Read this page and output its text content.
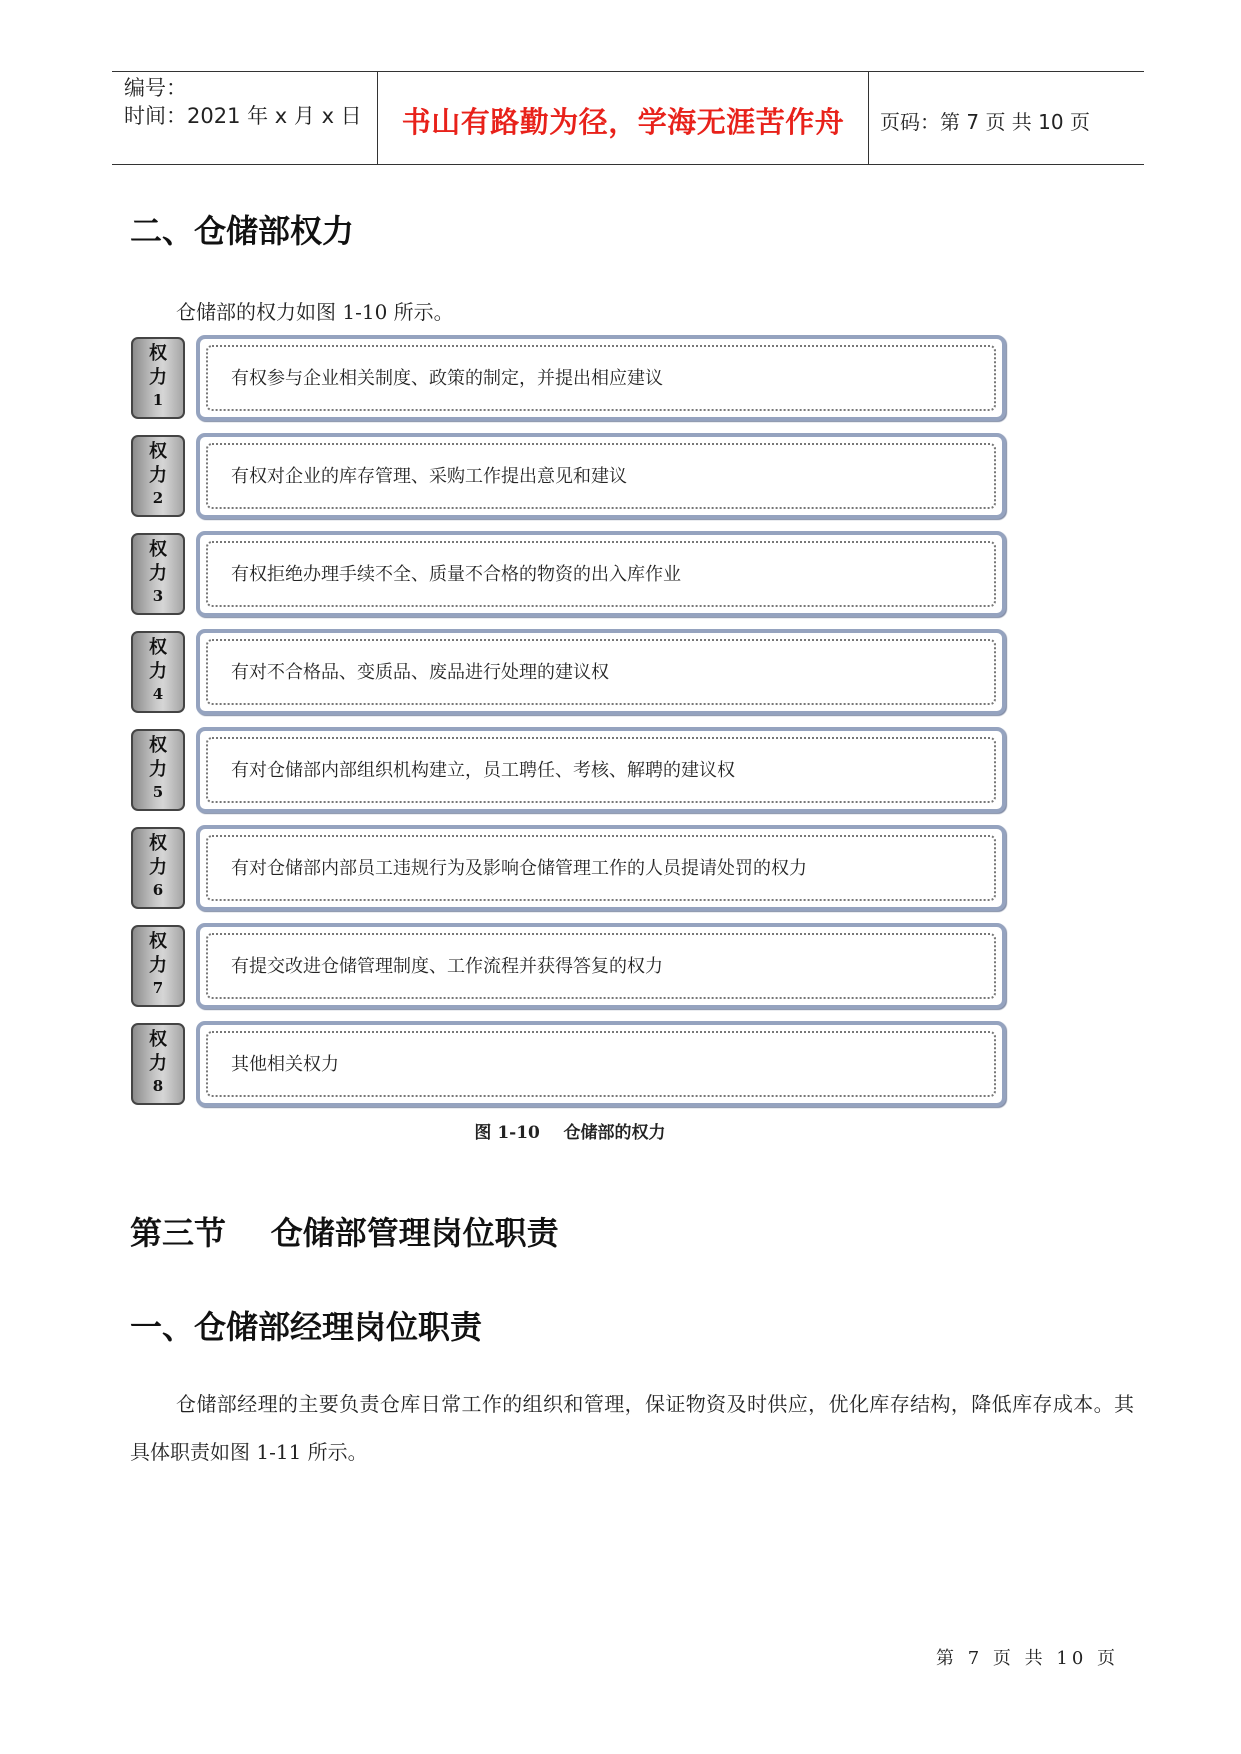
编号：
时间：2021 年 x 月 x 日	书山有路勤为径，学海无涯苦作舟	页码：第 7 页 共 10 页
二、仓储部权力

仓储部的权力如图 1-10 所示。

权
力
1
有权参与企业相关制度、政策的制定，并提出相应建议
权
力
2
有权对企业的库存管理、采购工作提出意见和建议
权
力
3
有权拒绝办理手续不全、质量不合格的物资的出入库作业
权
力
4
有对不合格品、变质品、废品进行处理的建议权
权
力
5
有对仓储部内部组织机构建立，员工聘任、考核、解聘的建议权
权
力
6
有对仓储部内部员工违规行为及影响仓储管理工作的人员提请处罚的权力
权
力
7
有提交改进仓储管理制度、工作流程并获得答复的权力
权
力
8
其他相关权力
图 1-10    仓储部的权力
第三节    仓储部管理岗位职责
一、仓储部经理岗位职责

仓储部经理的主要负责仓库日常工作的组织和管理，保证物资及时供应，优化库存结构，降低库存成本。其具体职责如图 1-11 所示。

第 7 页 共 10 页
